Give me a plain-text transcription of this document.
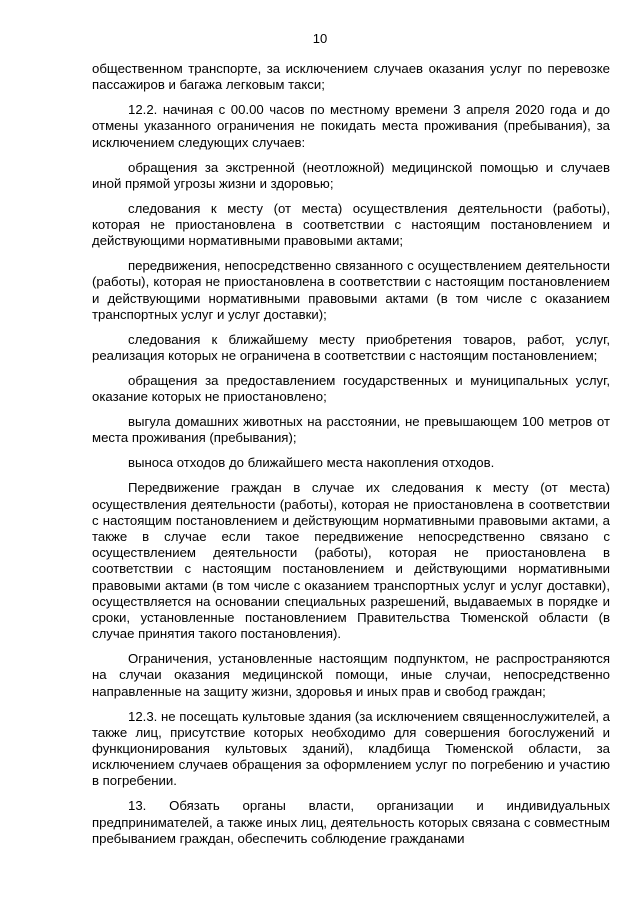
10

общественном транспорте, за исключением случаев оказания услуг по перевозке пассажиров и багажа легковым такси;

12.2. начиная с 00.00 часов по местному времени 3 апреля 2020 года и до отмены указанного ограничения не покидать места проживания (пребывания), за исключением следующих случаев:

обращения за экстренной (неотложной) медицинской помощью и случаев иной прямой угрозы жизни и здоровью;

следования к месту (от места) осуществления деятельности (работы), которая не приостановлена в соответствии с настоящим постановлением и действующими нормативными правовыми актами;

передвижения, непосредственно связанного с осуществлением деятельности (работы), которая не приостановлена в соответствии с настоящим постановлением и действующими нормативными правовыми актами (в том числе с оказанием транспортных услуг и услуг доставки);

следования к ближайшему месту приобретения товаров, работ, услуг, реализация которых не ограничена в соответствии с настоящим постановлением;

обращения за предоставлением государственных и муниципальных услуг, оказание которых не приостановлено;

выгула домашних животных на расстоянии, не превышающем 100 метров от места проживания (пребывания);

выноса отходов до ближайшего места накопления отходов.

Передвижение граждан в случае их следования к месту (от места) осуществления деятельности (работы), которая не приостановлена в соответствии с настоящим постановлением и действующим нормативными правовыми актами, а также в случае если такое передвижение непосредственно связано с осуществлением деятельности (работы), которая не приостановлена в соответствии с настоящим постановлением и действующими нормативными правовыми актами (в том числе с оказанием транспортных услуг и услуг доставки), осуществляется на основании специальных разрешений, выдаваемых в порядке и сроки, установленные постановлением Правительства Тюменской области (в случае принятия такого постановления).

Ограничения, установленные настоящим подпунктом, не распространяются на случаи оказания медицинской помощи, иные случаи, непосредственно направленные на защиту жизни, здоровья и иных прав и свобод граждан;

12.3. не посещать культовые здания (за исключением священнослужителей, а также лиц, присутствие которых необходимо для совершения богослужений и функционирования культовых зданий), кладбища Тюменской области, за исключением случаев обращения за оформлением услуг по погребению и участию в погребении.

13. Обязать органы власти, организации и индивидуальных предпринимателей, а также иных лиц, деятельность которых связана с совместным пребыванием граждан, обеспечить соблюдение гражданами
